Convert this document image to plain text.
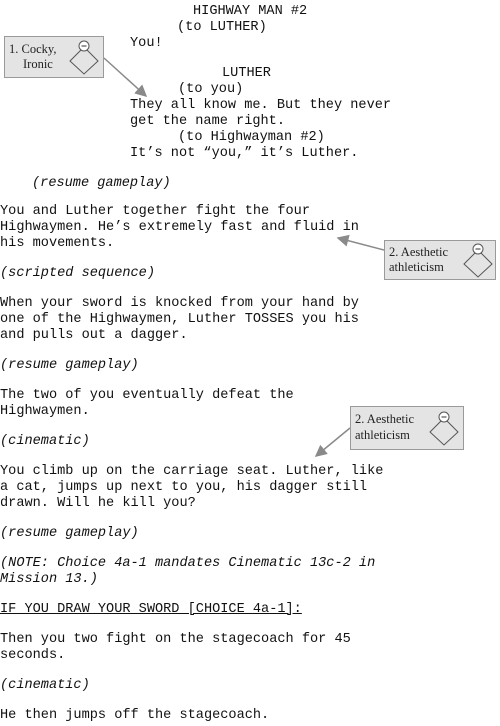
HIGHWAY MAN #2
(to LUTHER)
You!
LUTHER
(to you)
They all know me. But they never
get the name right.
(to Highwayman #2)
It’s not “you,” it’s Luther.
(resume gameplay)
You and Luther together fight the four
Highwaymen. He’s extremely fast and fluid in
his movements.
(scripted sequence)
When your sword is knocked from your hand by
one of the Highwaymen, Luther TOSSES you his
and pulls out a dagger.
(resume gameplay)
The two of you eventually defeat the
Highwaymen.
(cinematic)
You climb up on the carriage seat. Luther, like
a cat, jumps up next to you, his dagger still
drawn. Will he kill you?
(resume gameplay)
(NOTE: Choice 4a-1 mandates Cinematic 13c-2 in
Mission 13.)
IF YOU DRAW YOUR SWORD [CHOICE 4a-1]:
Then you two fight on the stagecoach for 45
seconds.
(cinematic)
He then jumps off the stagecoach.
1. Cocky,
Ironic
2. Aesthetic
athleticism
2. Aesthetic
athleticism
